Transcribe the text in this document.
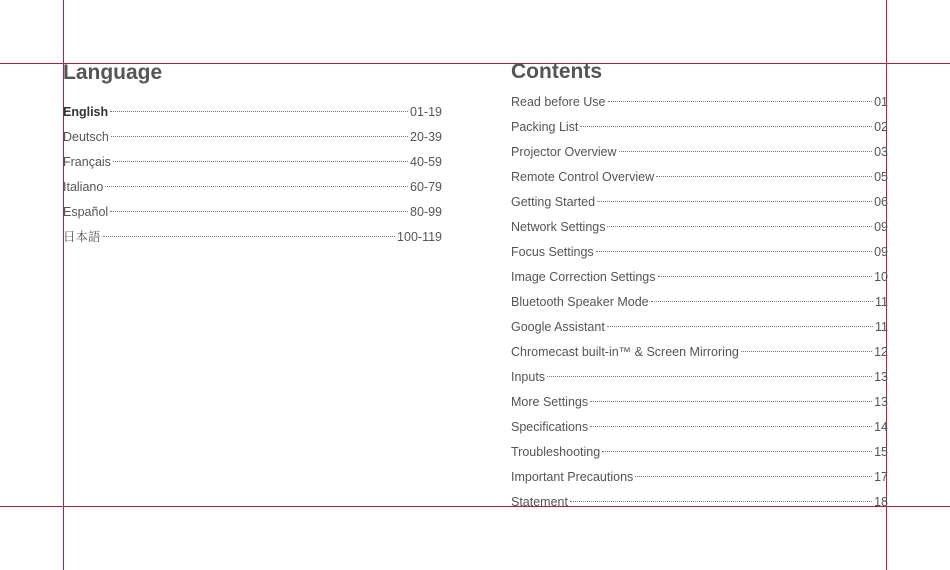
Language
English	01-19
Deutsch	20-39
Français	40-59
Italiano	60-79
Español	80-99
日本語	100-119
Contents
Read before Use	01
Packing List	02
Projector Overview	03
Remote Control Overview	05
Getting Started	06
Network Settings	09
Focus Settings	09
Image Correction Settings	10
Bluetooth Speaker Mode	11
Google Assistant	11
Chromecast built-in™ & Screen Mirroring	12
Inputs	13
More Settings	13
Specifications	14
Troubleshooting	15
Important Precautions	17
Statement	18
